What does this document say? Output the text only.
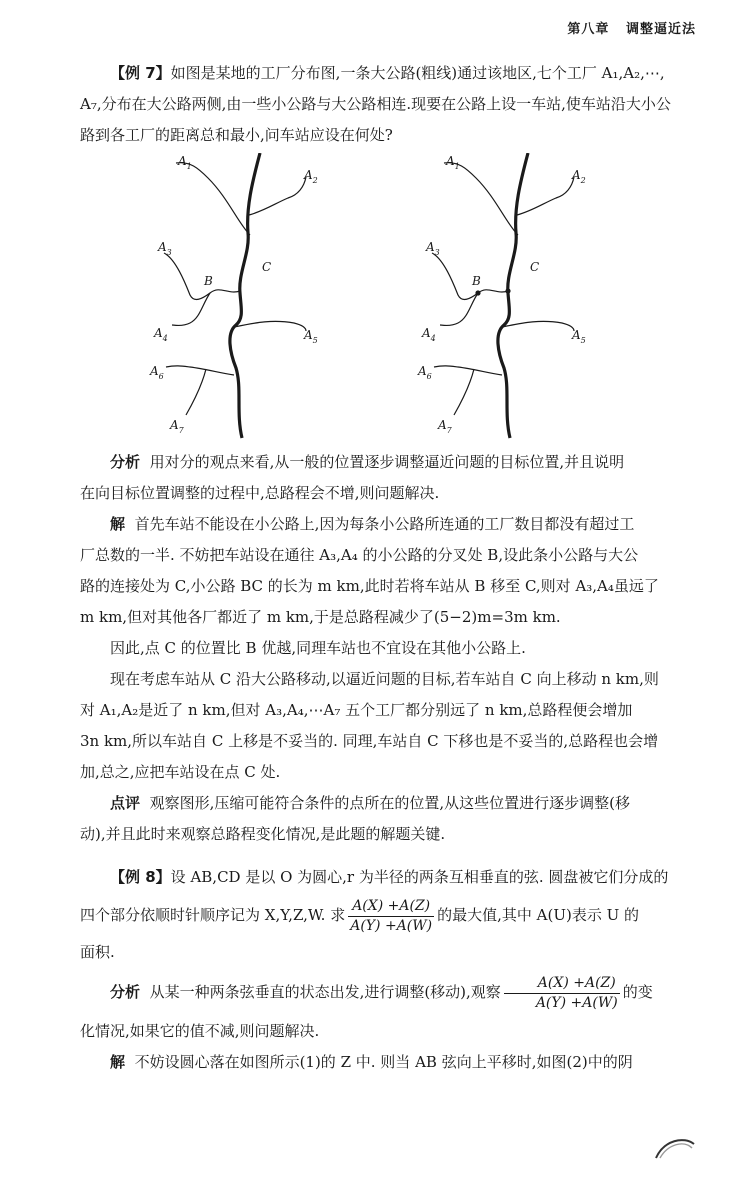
第八章 调整逼近法

【例 7】如图是某地的工厂分布图,一条大公路(粗线)通过该地区,七个工厂 A₁,A₂,⋯,

A₇,分布在大公路两侧,由一些小公路与大公路相连.现要在公路上设一车站,使车站沿大小公

路到各工厂的距离总和最小,问车站应设在何处?

$A_1$
$A_2$
$A_3$
$A_4$	$A_5$
$A_6$
$A_7$
B
C
$A_1$
$A_2$
$A_3$
$A_4$	$A_5$
$A_6$
$A_7$
B
C

分析 用对分的观点来看,从一般的位置逐步调整逼近问题的目标位置,并且说明

在向目标位置调整的过程中,总路程会不增,则问题解决.

解 首先车站不能设在小公路上,因为每条小公路所连通的工厂数目都没有超过工

厂总数的一半. 不妨把车站设在通往 A₃,A₄ 的小公路的分叉处 B,设此条小公路与大公

路的连接处为 C,小公路 BC 的长为 m km,此时若将车站从 B 移至 C,则对 A₃,A₄虽远了

m km,但对其他各厂都近了 m km,于是总路程减少了(5−2)m=3m km.

因此,点 C 的位置比 B 优越,同理车站也不宜设在其他小公路上.

现在考虑车站从 C 沿大公路移动,以逼近问题的目标,若车站自 C 向上移动 n km,则

对 A₁,A₂是近了 n km,但对 A₃,A₄,⋯A₇ 五个工厂都分别远了 n km,总路程便会增加

3n km,所以车站自 C 上移是不妥当的. 同理,车站自 C 下移也是不妥当的,总路程也会增

加,总之,应把车站设在点 C 处.

点评 观察图形,压缩可能符合条件的点所在的位置,从这些位置进行逐步调整(移

动),并且此时来观察总路程变化情况,是此题的解题关键.

【例 8】设 AB,CD 是以 O 为圆心,r 为半径的两条互相垂直的弦. 圆盘被它们分成的

四个部分依顺时针顺序记为 X,Y,Z,W. 求 $\frac{A(X) +A(Z)}{A(Y) +A(W)}$ 的最大值,其中 A(U)表示 U 的

面积.

分析 从某一种两条弦垂直的状态出发,进行调整(移动),观察 $\frac{A(X) +A(Z)}{A(Y) +A(W)}$ 的变

化情况,如果它的值不减,则问题解决.

解 不妨设圆心落在如图所示(1)的 Z 中. 则当 AB 弦向上平移时,如图(2)中的阴
